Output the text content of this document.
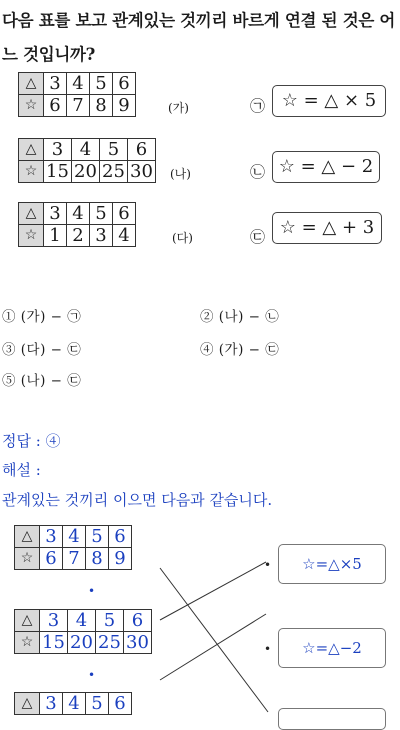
다음 표를 보고 관계있는 것끼리 바르게 연결 된 것은 어느 것입니까?
△	3	4	5	6
☆	6	7	8	9	(가)
△	3	4	5	6
☆	15	20	25	30 (나)
△	3	4	5	6
☆	1	2	3	4	(다)
㉠ ☆ = △ × 5
㉡ ☆ = △ − 2
㉢ ☆ = △ + 3
① (가) − ㉠	② (나) − ㉡
③ (다) − ㉢	④ (가) − ㉢
⑤ (나) − ㉢
정답 : ④
해설 :
관계있는 것끼리 이으면 다음과 같습니다.
△	3	4	5	6
☆	6	7	8	9
•
△	3	4	5	6
☆	15	20	25	30
•
△	3	4	5	6
•	☆=△×5
•	☆=△−2
